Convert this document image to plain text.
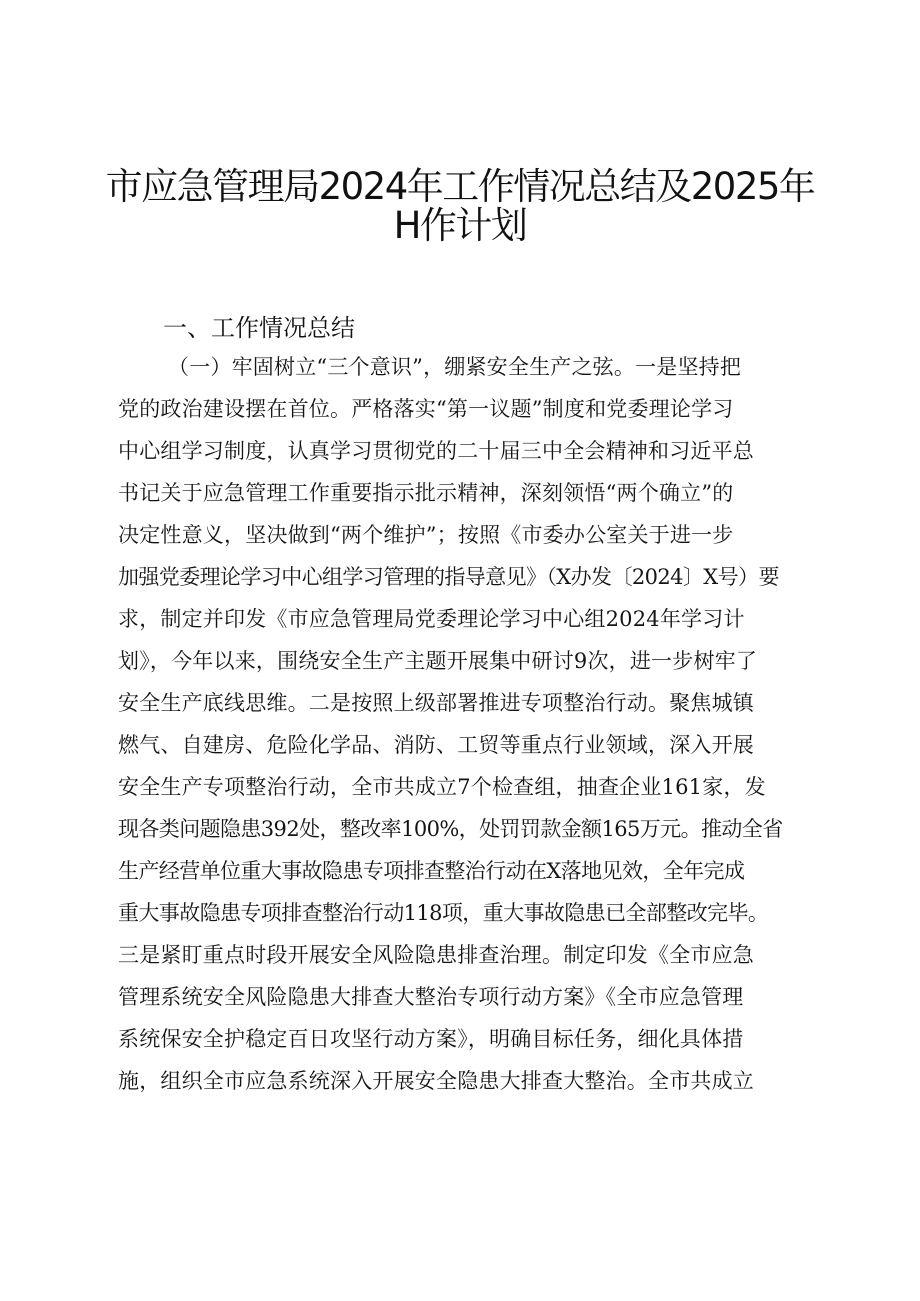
市应急管理局2024年工作情况总结及2025年
H作计划
一、工作情况总结
（一）牢固树立“三个意识”，绷紧安全生产之弦。一是坚持把
党的政治建设摆在首位。严格落实“第一议题”制度和党委理论学习
中心组学习制度，认真学习贯彻党的二十届三中全会精神和习近平总
书记关于应急管理工作重要指示批示精神，深刻领悟“两个确立”的
决定性意义，坚决做到“两个维护”；按照《市委办公室关于进一步
加强党委理论学习中心组学习管理的指导意见》（X办发〔2024〕X号）要
求，制定并印发《市应急管理局党委理论学习中心组2024年学习计
划》，今年以来，围绕安全生产主题开展集中研讨9次，进一步树牢了
安全生产底线思维。二是按照上级部署推进专项整治行动。聚焦城镇
燃气、自建房、危险化学品、消防、工贸等重点行业领域，深入开展
安全生产专项整治行动，全市共成立7个检查组，抽查企业161家，发
现各类问题隐患392处，整改率100%，处罚罚款金额165万元。推动全省
生产经营单位重大事故隐患专项排查整治行动在X落地见效，全年完成
重大事故隐患专项排查整治行动118项，重大事故隐患已全部整改完毕。
三是紧盯重点时段开展安全风险隐患排查治理。制定印发《全市应急
管理系统安全风险隐患大排查大整治专项行动方案》《全市应急管理
系统保安全护稳定百日攻坚行动方案》，明确目标任务，细化具体措
施，组织全市应急系统深入开展安全隐患大排查大整治。全市共成立
